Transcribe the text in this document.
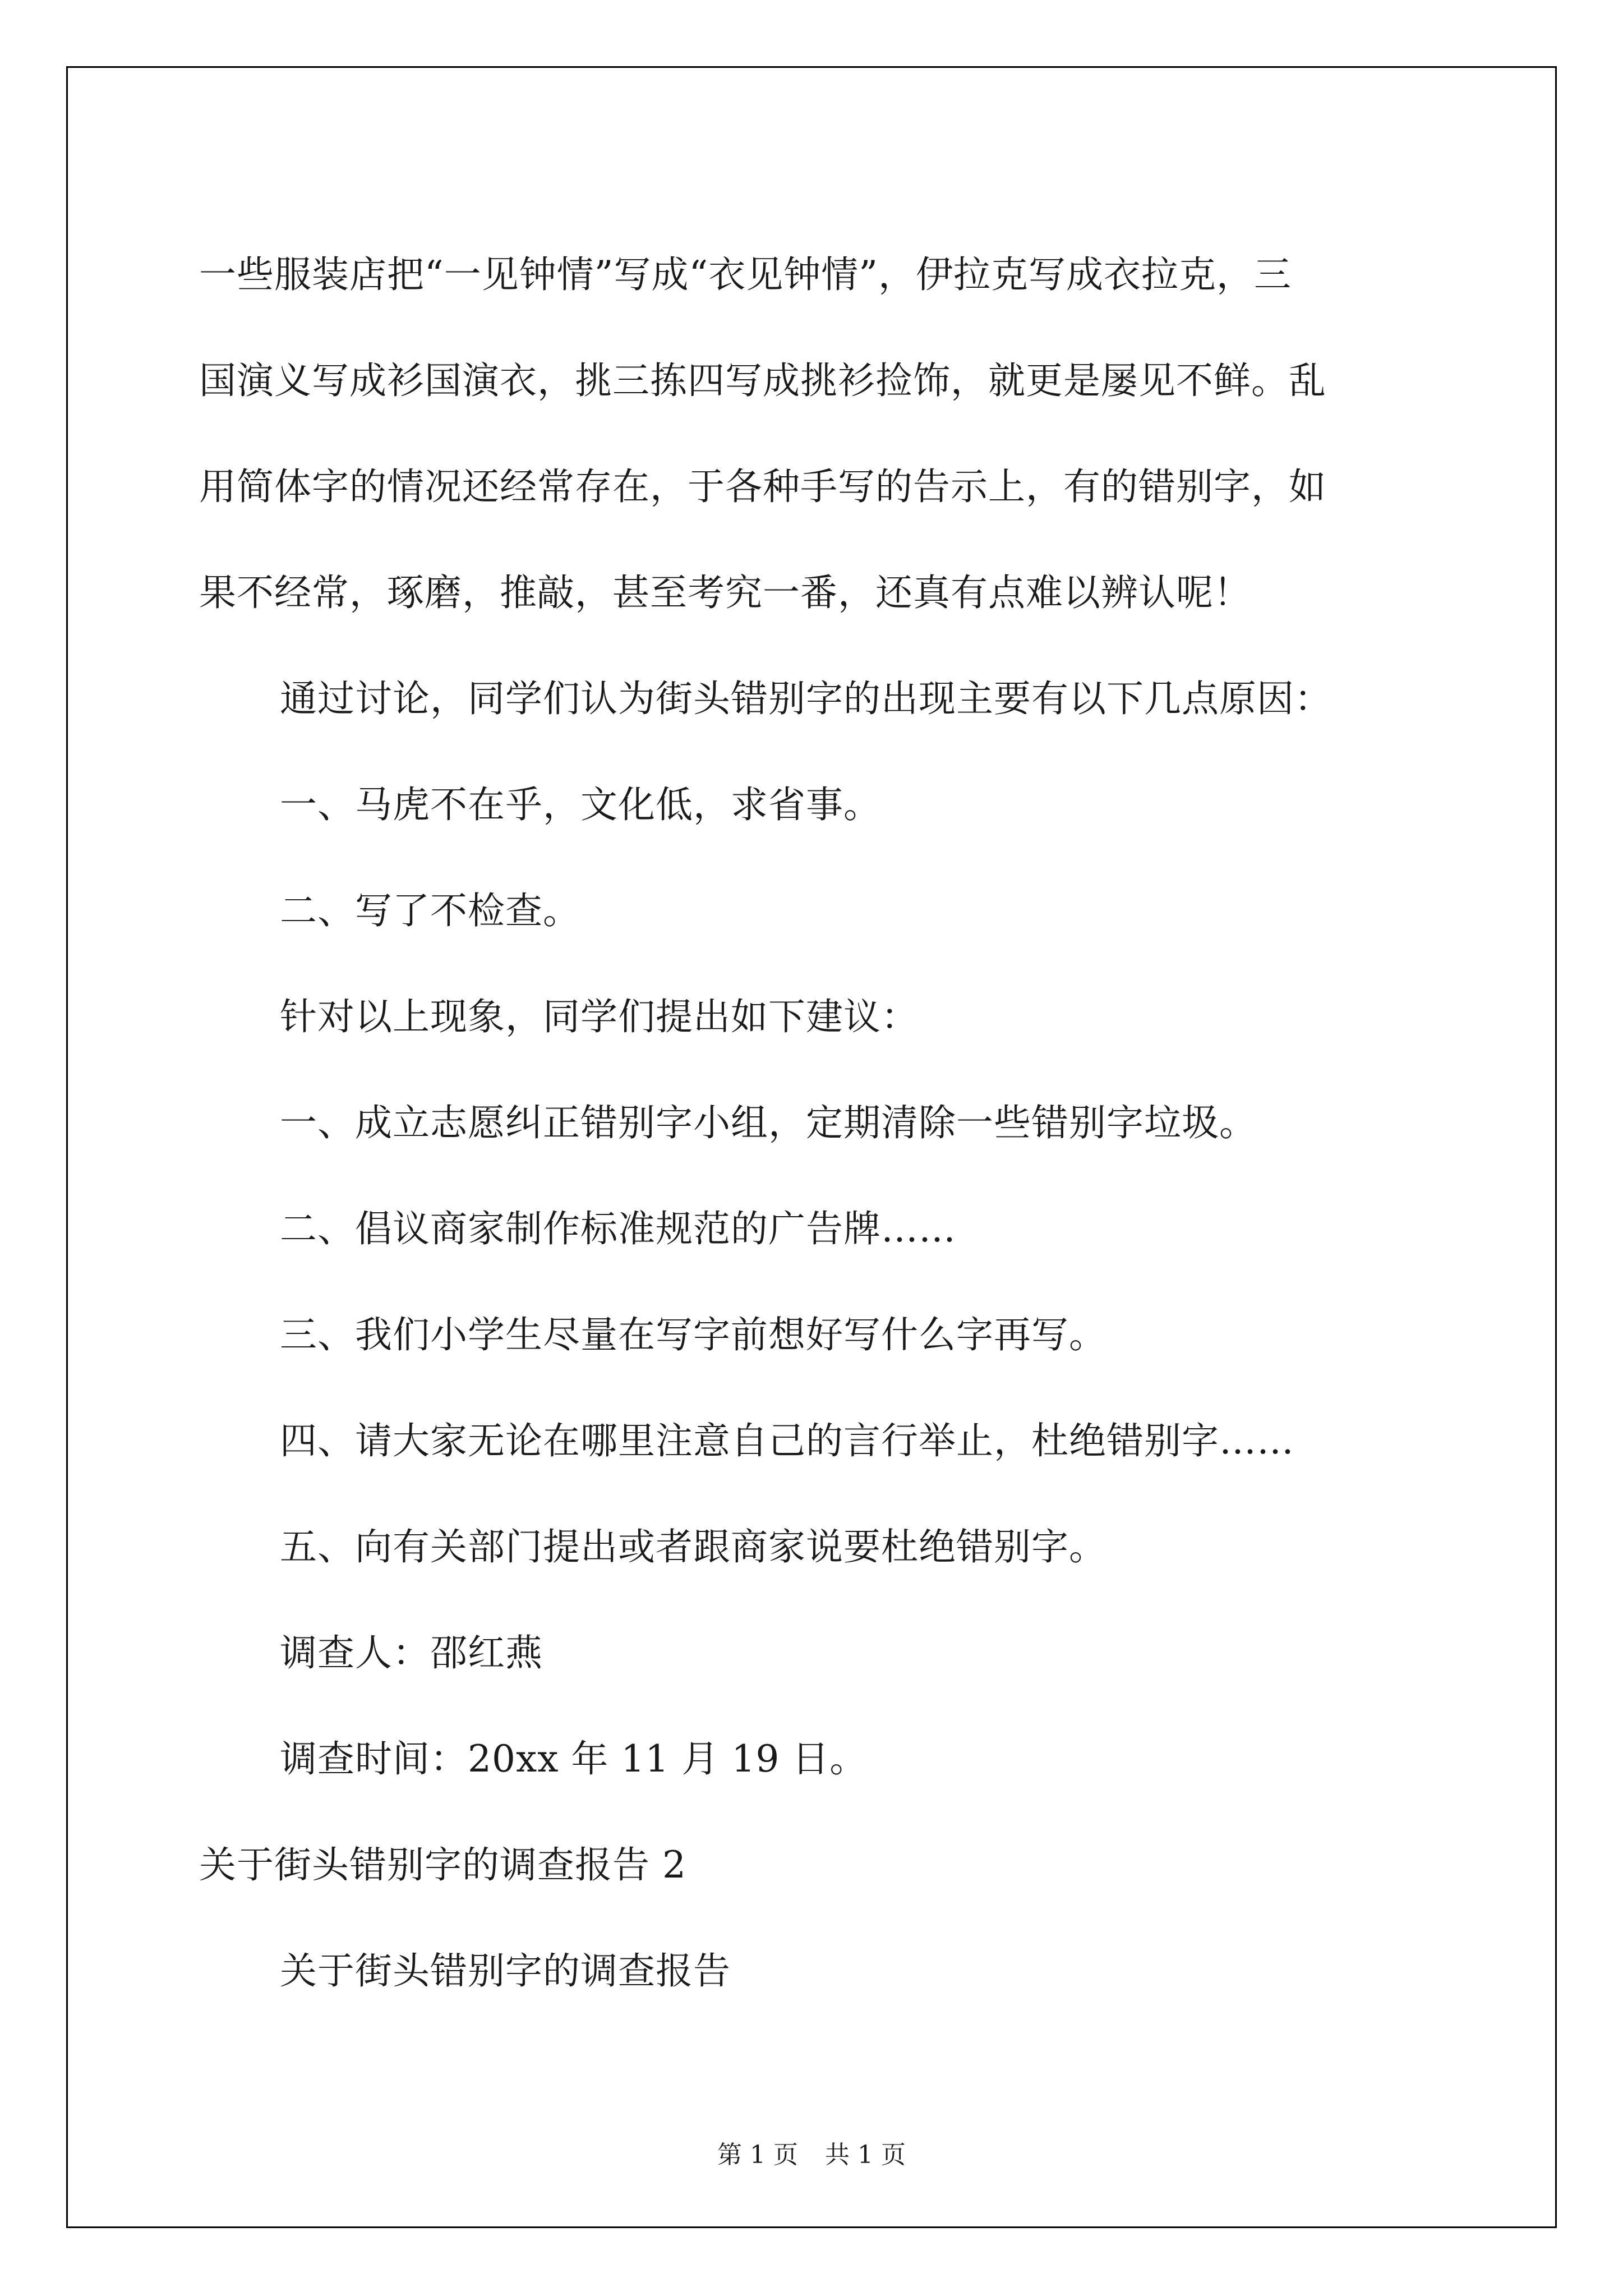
一些服装店把“一见钟情”写成“衣见钟情”，伊拉克写成衣拉克，三

国演义写成衫国演衣，挑三拣四写成挑衫捡饰，就更是屡见不鲜。乱

用简体字的情况还经常存在，于各种手写的告示上，有的错别字，如

果不经常，琢磨，推敲，甚至考究一番，还真有点难以辨认呢！

通过讨论，同学们认为街头错别字的出现主要有以下几点原因：

一、马虎不在乎，文化低，求省事。

二、写了不检查。

针对以上现象，同学们提出如下建议：

一、成立志愿纠正错别字小组，定期清除一些错别字垃圾。

二、倡议商家制作标准规范的广告牌……

三、我们小学生尽量在写字前想好写什么字再写。

四、请大家无论在哪里注意自己的言行举止，杜绝错别字……

五、向有关部门提出或者跟商家说要杜绝错别字。

调查人：邵红燕

调查时间：20xx 年 11 月 19 日。

关于街头错别字的调查报告 2

关于街头错别字的调查报告

第 1 页 共 1 页
